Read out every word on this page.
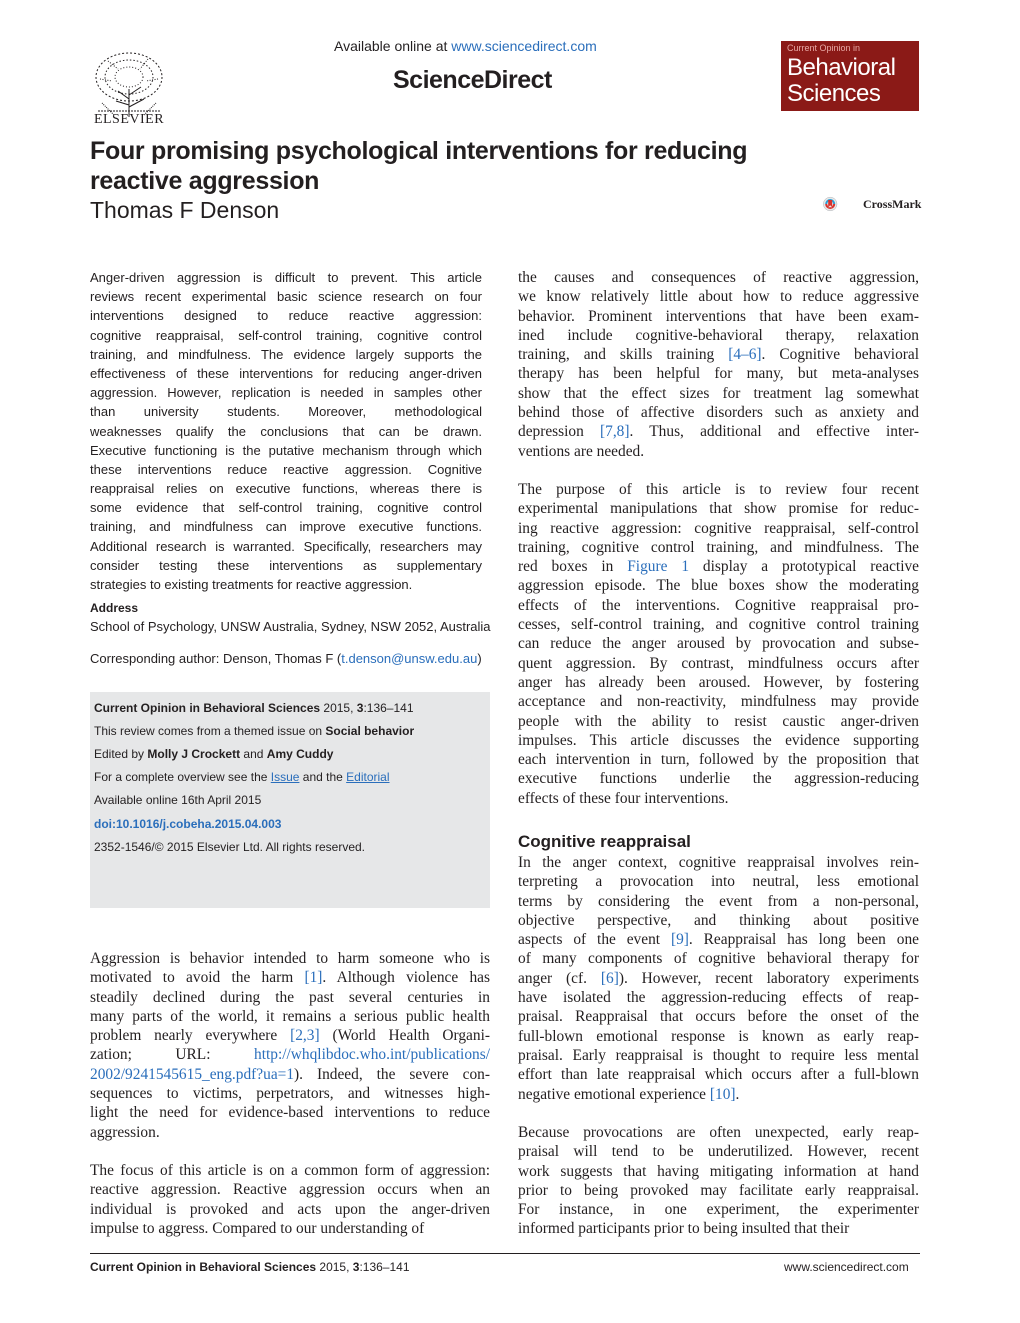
ELSEVIER
Available online at www.sciencedirect.com
ScienceDirect
Current Opinion in
Behavioral
Sciences
Four promising psychological interventions for reducing reactive aggression
Thomas F Denson	CrossMark
Anger-driven aggression is difficult to prevent. This article
reviews recent experimental basic science research on four
interventions designed to reduce reactive aggression:
cognitive reappraisal, self-control training, cognitive control
training, and mindfulness. The evidence largely supports the
effectiveness of these interventions for reducing anger-driven
aggression. However, replication is needed in samples other
than university students. Moreover, methodological
weaknesses qualify the conclusions that can be drawn.
Executive functioning is the putative mechanism through which
these interventions reduce reactive aggression. Cognitive
reappraisal relies on executive functions, whereas there is
some evidence that self-control training, cognitive control
training, and mindfulness can improve executive functions.
Additional research is warranted. Specifically, researchers may
consider testing these interventions as supplementary
strategies to existing treatments for reactive aggression.
Address
School of Psychology, UNSW Australia, Sydney, NSW 2052, Australia
Corresponding author: Denson, Thomas F (t.denson@unsw.edu.au)
Current Opinion in Behavioral Sciences 2015, 3:136–141
This review comes from a themed issue on Social behavior
Edited by Molly J Crockett and Amy Cuddy
For a complete overview see the Issue and the Editorial
Available online 16th April 2015
doi:10.1016/j.cobeha.2015.04.003
2352-1546/© 2015 Elsevier Ltd. All rights reserved.
Aggression is behavior intended to harm someone who is
motivated to avoid the harm [1]. Although violence has
steadily declined during the past several centuries in
many parts of the world, it remains a serious public health
problem nearly everywhere [2,3] (World Health Organi-
zation; URL: http://whqlibdoc.who.int/publications/
2002/9241545615_eng.pdf?ua=1). Indeed, the severe con-
sequences to victims, perpetrators, and witnesses high-
light the need for evidence-based interventions to reduce
aggression.
The focus of this article is on a common form of aggression:
reactive aggression. Reactive aggression occurs when an
individual is provoked and acts upon the anger-driven
impulse to aggress. Compared to our understanding of
the causes and consequences of reactive aggression,
we know relatively little about how to reduce aggressive
behavior. Prominent interventions that have been exam-
ined include cognitive-behavioral therapy, relaxation
training, and skills training [4–6]. Cognitive behavioral
therapy has been helpful for many, but meta-analyses
show that the effect sizes for treatment lag somewhat
behind those of affective disorders such as anxiety and
depression [7,8]. Thus, additional and effective inter-
ventions are needed.
The purpose of this article is to review four recent
experimental manipulations that show promise for reduc-
ing reactive aggression: cognitive reappraisal, self-control
training, cognitive control training, and mindfulness. The
red boxes in Figure 1 display a prototypical reactive
aggression episode. The blue boxes show the moderating
effects of the interventions. Cognitive reappraisal pro-
cesses, self-control training, and cognitive control training
can reduce the anger aroused by provocation and subse-
quent aggression. By contrast, mindfulness occurs after
anger has already been aroused. However, by fostering
acceptance and non-reactivity, mindfulness may provide
people with the ability to resist caustic anger-driven
impulses. This article discusses the evidence supporting
each intervention in turn, followed by the proposition that
executive functions underlie the aggression-reducing
effects of these four interventions.
Cognitive reappraisal
In the anger context, cognitive reappraisal involves rein-
terpreting a provocation into neutral, less emotional
terms by considering the event from a non-personal,
objective perspective, and thinking about positive
aspects of the event [9]. Reappraisal has long been one
of many components of cognitive behavioral therapy for
anger (cf. [6]). However, recent laboratory experiments
have isolated the aggression-reducing effects of reap-
praisal. Reappraisal that occurs before the onset of the
full-blown emotional response is known as early reap-
praisal. Early reappraisal is thought to require less mental
effort than late reappraisal which occurs after a full-blown
negative emotional experience [10].
Because provocations are often unexpected, early reap-
praisal will tend to be underutilized. However, recent
work suggests that having mitigating information at hand
prior to being provoked may facilitate early reappraisal.
For instance, in one experiment, the experimenter
informed participants prior to being insulted that their
Current Opinion in Behavioral Sciences 2015, 3:136–141	www.sciencedirect.com
